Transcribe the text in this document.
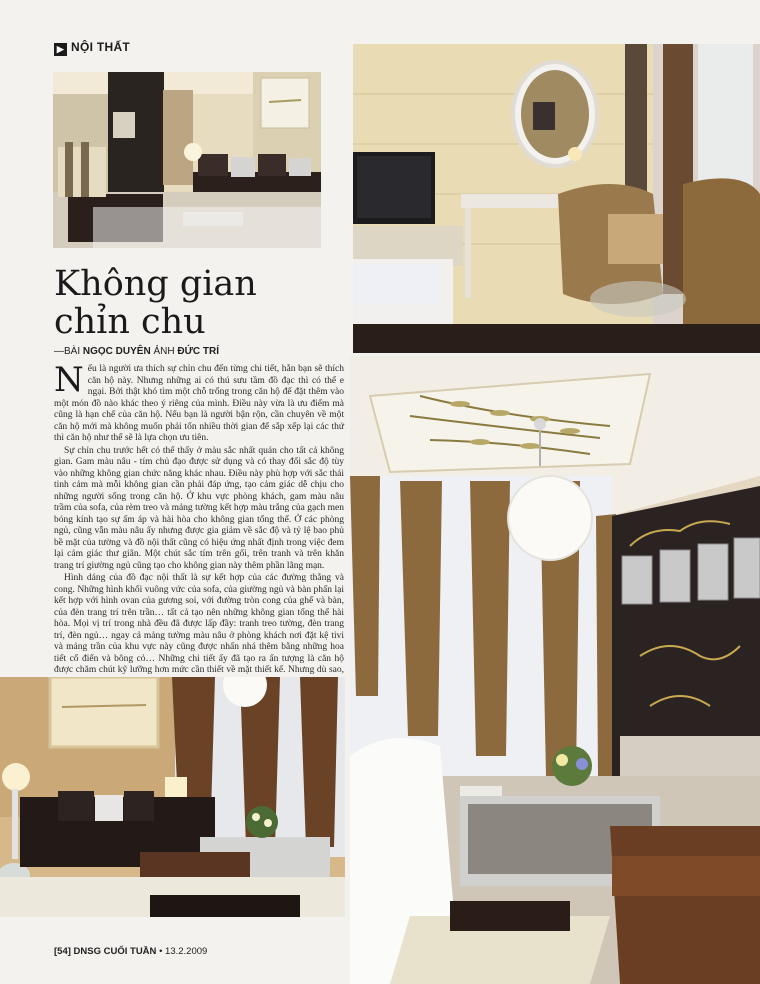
▶ NỘI THẤT
Không gian
chỉn chu
—BÀI NGỌC DUYÊN ẢNH ĐỨC TRÍ

Nếu là người ưa thích sự chỉn chu đến từng chi tiết, hẳn bạn sẽ thích căn hộ này. Nhưng những ai có thú sưu tầm đồ đạc thì có thể e ngại. Bởi thật khó tìm một chỗ trống trong căn hộ để đặt thêm vào một món đồ nào khác theo ý riêng của mình. Điều này vừa là ưu điểm mà cũng là hạn chế của căn hộ. Nếu bạn là người bận rộn, cần chuyên về một căn hộ mới mà không muốn phải tốn nhiều thời gian để sắp xếp lại các thứ thì căn hộ như thế sẽ là lựa chọn ưu tiên.

Sự chỉn chu trước hết có thể thấy ở màu sắc nhất quán cho tất cả không gian. Gam màu nâu - tím chủ đạo được sử dụng và có thay đổi sắc độ tùy vào những không gian chức năng khác nhau. Điều này phù hợp với sắc thái tinh cảm mà mỗi không gian cần phải đáp ứng, tạo cảm giác dễ chịu cho những người sống trong căn hộ. Ở khu vực phòng khách, gam màu nâu trầm của sofa, của rèm treo và mảng tường kết hợp màu trắng của gạch men bóng kính tạo sự ấm áp và hài hòa cho không gian tổng thể. Ở các phòng ngủ, cũng vẫn màu nâu ấy nhưng được gia giảm về sắc độ và tỷ lệ bao phủ bề mặt của tường và đồ nội thất cũng có hiệu ứng nhất định trong việc đem lại cảm giác thư giãn. Một chút sắc tím trên gối, trên tranh và trên khăn trang trí giường ngủ cũng tạo cho không gian này thêm phần lãng mạn.

Hình dáng của đồ đạc nội thất là sự kết hợp của các đường thẳng và cong. Những hình khối vuông vức của sofa, của giường ngủ và bàn phấn lại kết hợp với hình ovan của gương soi, với đường tròn cong của ghế và bàn, của đèn trang trí trên trần… tất cả tạo nên những không gian tổng thể hài hòa. Mọi vị trí trong nhà đều đã được lấp đầy: tranh treo tường, đèn trang trí, đèn ngủ… ngay cả mảng tường màu nâu ở phòng khách nơi đặt kệ tivi và mảng trần của khu vực này cũng được nhấn nhá thêm bằng những hoa tiết cổ điển và bông cỏ… Những chi tiết ấy đã tạo ra ấn tượng là căn hộ được chăm chút kỹ lưỡng hơn mức cần thiết về mặt thiết kế. Nhưng dù sao,

[54] DNSG CUỐI TUẦN • 13.2.2009
